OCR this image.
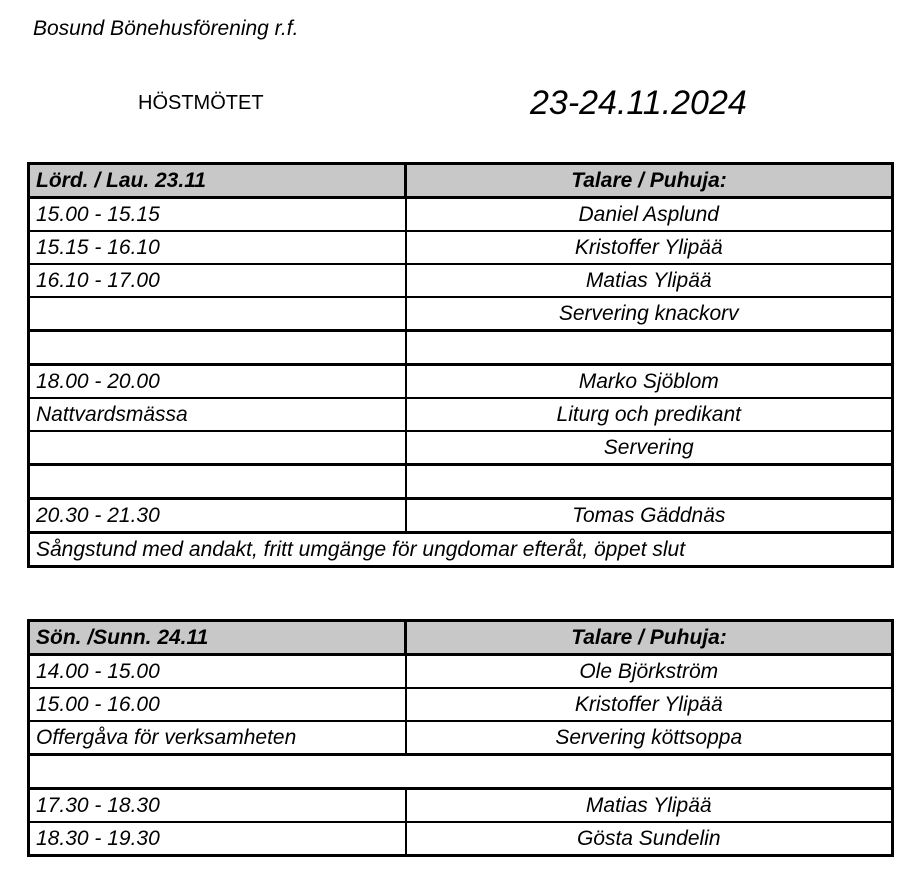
Bosund Bönehusförening r.f.
HÖSTMÖTET	23-24.11.2024
Lörd. / Lau. 23.11	Talare / Puhuja:
15.00 - 15.15	Daniel Asplund
15.15 - 16.10	Kristoffer Ylipää
16.10 - 17.00	Matias Ylipää
	Servering knackorv

18.00 - 20.00	Marko Sjöblom
Nattvardsmässa	Liturg och predikant
	Servering

20.30 - 21.30	Tomas Gäddnäs
Sångstund med andakt, fritt umgänge för ungdomar efteråt, öppet slut	
Sön. /Sunn. 24.11	Talare / Puhuja:
14.00 - 15.00	Ole Björkström
15.00 - 16.00	Kristoffer Ylipää
Offergåva för verksamheten	Servering köttsoppa

17.30 - 18.30	Matias Ylipää
18.30 - 19.30	Gösta Sundelin
